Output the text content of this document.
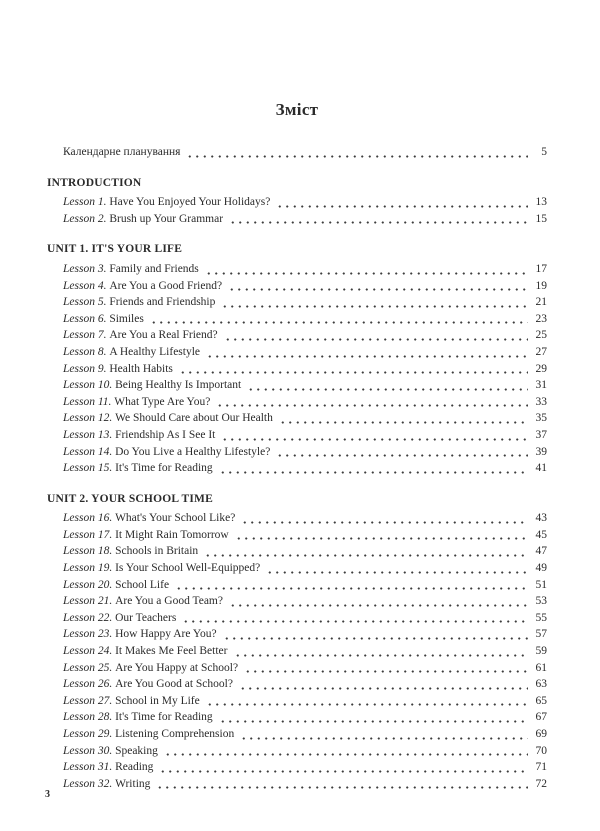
Зміст
Календарне планування	5
INTRODUCTION
Lesson 1. Have You Enjoyed Your Holidays?	13
Lesson 2. Brush up Your Grammar	15
UNIT 1. IT'S YOUR LIFE
Lesson 3. Family and Friends	17
Lesson 4. Are You a Good Friend?	19
Lesson 5. Friends and Friendship	21
Lesson 6. Similes	23
Lesson 7. Are You a Real Friend?	25
Lesson 8. A Healthy Lifestyle	27
Lesson 9. Health Habits	29
Lesson 10. Being Healthy Is Important	31
Lesson 11. What Type Are You?	33
Lesson 12. We Should Care about Our Health	35
Lesson 13. Friendship As I See It	37
Lesson 14. Do You Live a Healthy Lifestyle?	39
Lesson 15. It's Time for Reading	41
UNIT 2. YOUR SCHOOL TIME
Lesson 16. What's Your School Like?	43
Lesson 17. It Might Rain Tomorrow	45
Lesson 18. Schools in Britain	47
Lesson 19. Is Your School Well-Equipped?	49
Lesson 20. School Life	51
Lesson 21. Are You a Good Team?	53
Lesson 22. Our Teachers	55
Lesson 23. How Happy Are You?	57
Lesson 24. It Makes Me Feel Better	59
Lesson 25. Are You Happy at School?	61
Lesson 26. Are You Good at School?	63
Lesson 27. School in My Life	65
Lesson 28. It's Time for Reading	67
Lesson 29. Listening Comprehension	69
Lesson 30. Speaking	70
Lesson 31. Reading	71
Lesson 32. Writing	72
3
